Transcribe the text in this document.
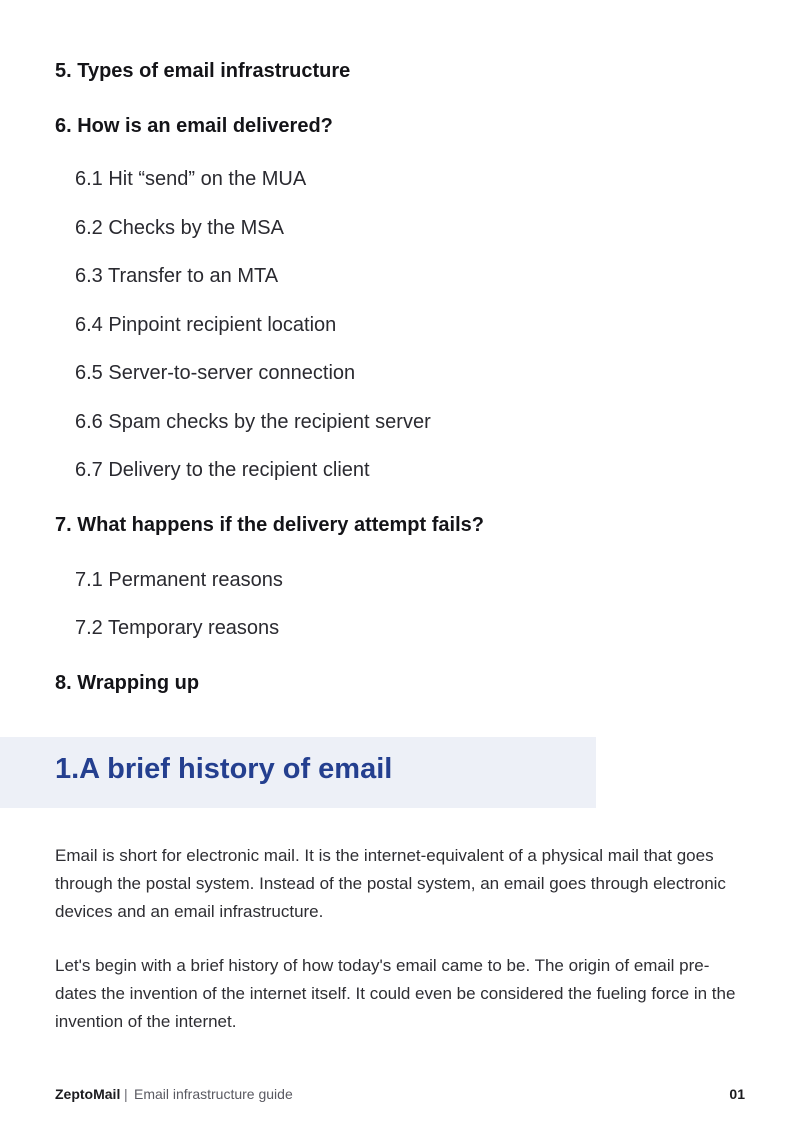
5. Types of email infrastructure

6. How is an email delivered?

6.1 Hit “send” on the MUA

6.2 Checks by the MSA

6.3 Transfer to an MTA

6.4 Pinpoint recipient location

6.5 Server-to-server connection

6.6 Spam checks by the recipient server

6.7 Delivery to the recipient client

7. What happens if the delivery attempt fails?

7.1 Permanent reasons

7.2 Temporary reasons

8. Wrapping up

1.A brief history of email

Email is short for electronic mail. It is the internet-equivalent of a physical mail that goes through the postal system. Instead of the postal system, an email goes through electronic devices and an email infrastructure.

Let's begin with a brief history of how today's email came to be. The origin of email pre-dates the invention of the internet itself. It could even be considered the fueling force in the invention of the internet.

ZeptoMail | Email infrastructure guide	01
